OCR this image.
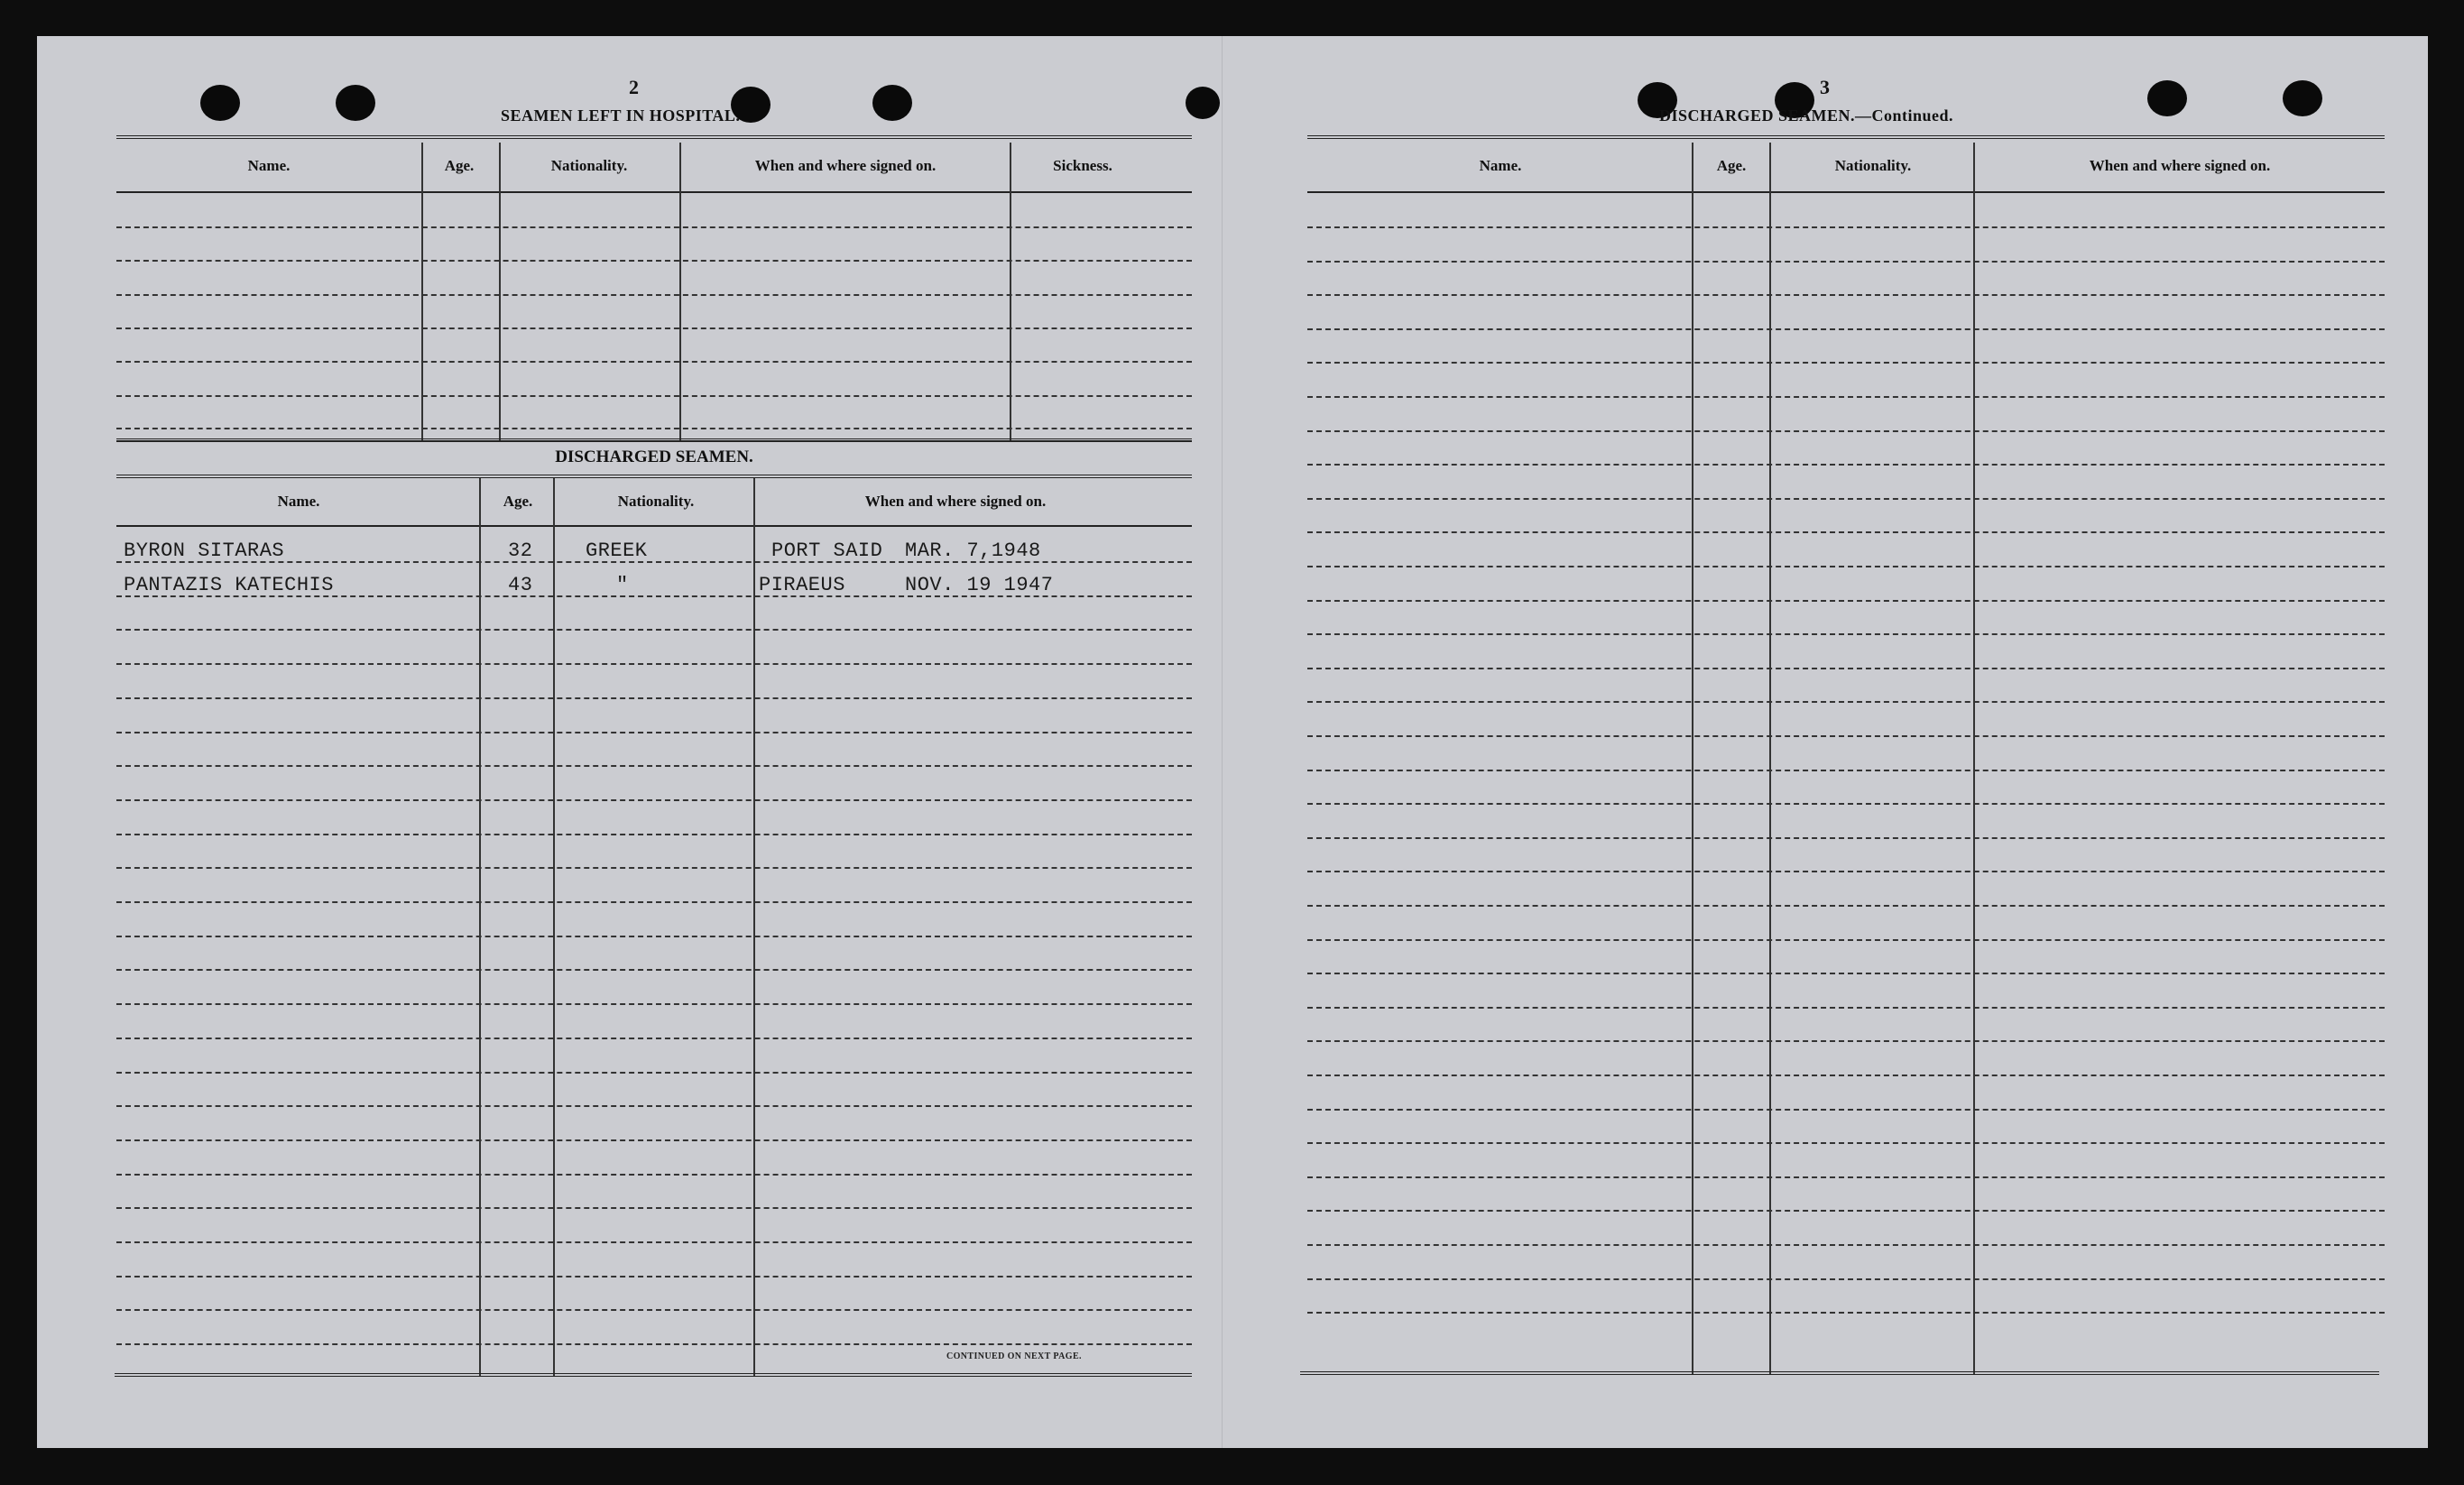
2
SEAMEN LEFT IN HOSPITAL.
Name.	Age.	Nationality.	When and where signed on.	Sickness.
DISCHARGED SEAMEN.
Name.	Age.	Nationality.	When and where signed on.
BYRON SITARAS	32	GREEK	PORT SAID MAR. 7,1948
PANTAZIS KATECHIS	43	"	PIRAEUS	NOV. 19 1947
CONTINUED ON NEXT PAGE.
3
DISCHARGED SEAMEN.—Continued.
Name.	Age.	Nationality.	When and where signed on.
